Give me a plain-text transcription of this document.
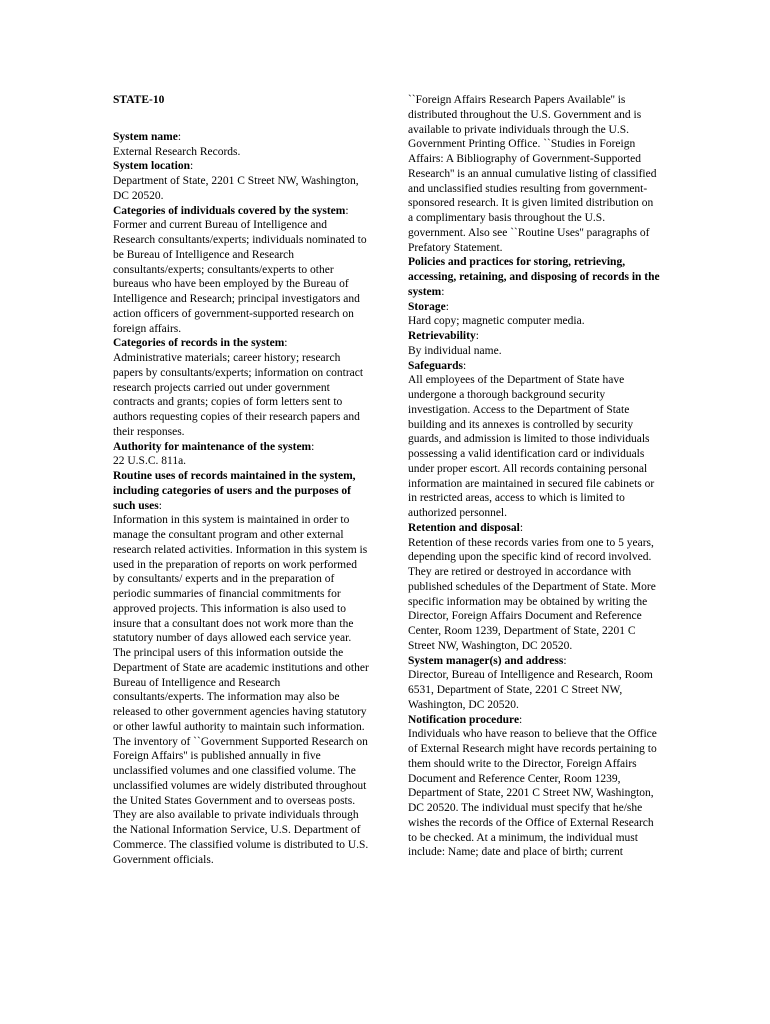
STATE-10
System name:
External Research Records.
System location:
Department of State, 2201 C Street NW, Washington, DC 20520.
Categories of individuals covered by the system:
Former and current Bureau of Intelligence and Research consultants/experts; individuals nominated to be Bureau of Intelligence and Research consultants/experts; consultants/experts to other bureaus who have been employed by the Bureau of Intelligence and Research; principal investigators and action officers of government-supported research on foreign affairs.
Categories of records in the system:
Administrative materials; career history; research papers by consultants/experts; information on contract research projects carried out under government contracts and grants; copies of form letters sent to authors requesting copies of their research papers and their responses.
Authority for maintenance of the system:
22 U.S.C. 811a.
Routine uses of records maintained in the system, including categories of users and the purposes of such uses:
Information in this system is maintained in order to manage the consultant program and other external research related activities. Information in this system is used in the preparation of reports on work performed by consultants/ experts and in the preparation of periodic summaries of financial commitments for approved projects. This information is also used to insure that a consultant does not work more than the statutory number of days allowed each service year. The principal users of this information outside the Department of State are academic institutions and other Bureau of Intelligence and Research consultants/experts. The information may also be released to other government agencies having statutory or other lawful authority to maintain such information. The inventory of ``Government Supported Research on Foreign Affairs'' is published annually in five unclassified volumes and one classified volume. The unclassified volumes are widely distributed throughout the United States Government and to overseas posts. They are also available to private individuals through the National Information Service, U.S. Department of Commerce. The classified volume is distributed to U.S. Government officials.
``Foreign Affairs Research Papers Available'' is distributed throughout the U.S. Government and is available to private individuals through the U.S. Government Printing Office. ``Studies in Foreign Affairs: A Bibliography of Government-Supported Research'' is an annual cumulative listing of classified and unclassified studies resulting from government-sponsored research. It is given limited distribution on a complimentary basis throughout the U.S. government. Also see ``Routine Uses'' paragraphs of Prefatory Statement.
Policies and practices for storing, retrieving, accessing, retaining, and disposing of records in the system:
Storage:
Hard copy; magnetic computer media.
Retrievability:
By individual name.
Safeguards:
All employees of the Department of State have undergone a thorough background security investigation. Access to the Department of State building and its annexes is controlled by security guards, and admission is limited to those individuals possessing a valid identification card or individuals under proper escort. All records containing personal information are maintained in secured file cabinets or in restricted areas, access to which is limited to authorized personnel.
Retention and disposal:
Retention of these records varies from one to 5 years, depending upon the specific kind of record involved. They are retired or destroyed in accordance with published schedules of the Department of State. More specific information may be obtained by writing the Director, Foreign Affairs Document and Reference Center, Room 1239, Department of State, 2201 C Street NW, Washington, DC 20520.
System manager(s) and address:
Director, Bureau of Intelligence and Research, Room 6531, Department of State, 2201 C Street NW, Washington, DC 20520.
Notification procedure:
Individuals who have reason to believe that the Office of External Research might have records pertaining to them should write to the Director, Foreign Affairs Document and Reference Center, Room 1239, Department of State, 2201 C Street NW, Washington, DC 20520. The individual must specify that he/she wishes the records of the Office of External Research to be checked. At a minimum, the individual must include: Name; date and place of birth; current
